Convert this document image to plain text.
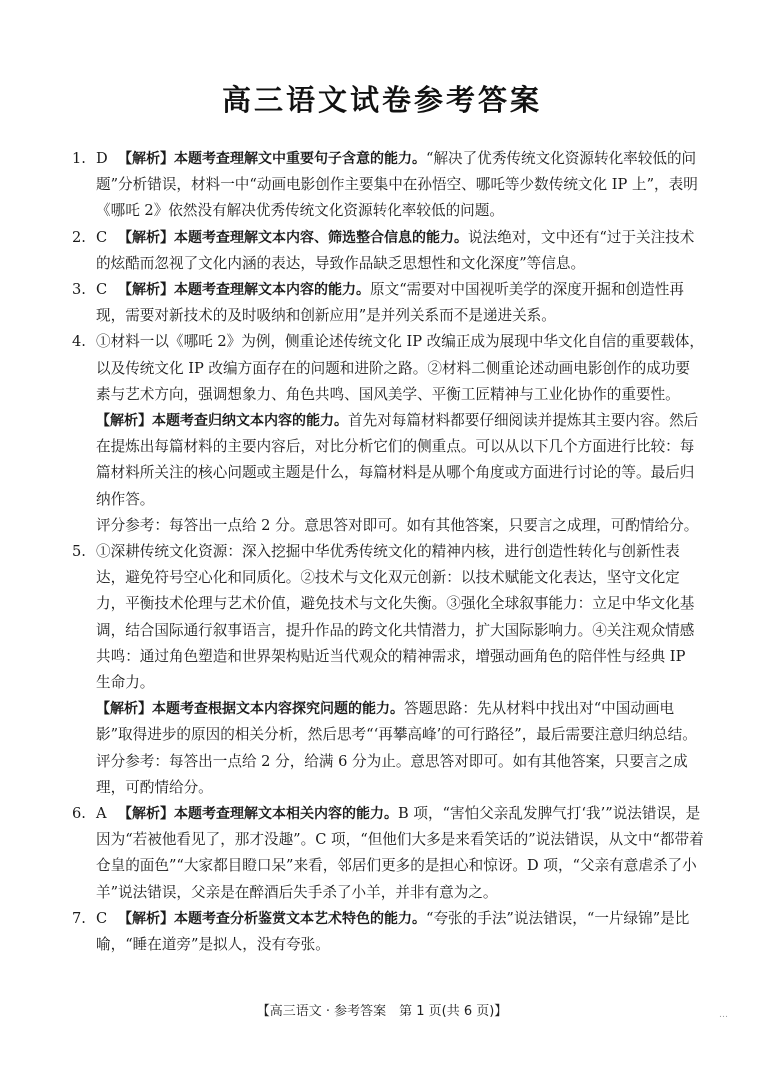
高三语文试卷参考答案
1. D 【解析】本题考查理解文中重要句子含意的能力。“解决了优秀传统文化资源转化率较低的问题”分析错误，材料一中“动画电影创作主要集中在孙悟空、哪吒等少数传统文化 IP 上”，表明《哪吒 2》依然没有解决优秀传统文化资源转化率较低的问题。
2. C 【解析】本题考查理解文本内容、筛选整合信息的能力。说法绝对，文中还有“过于关注技术的炫酷而忽视了文化内涵的表达，导致作品缺乏思想性和文化深度”等信息。
3. C 【解析】本题考查理解文本内容的能力。原文“需要对中国视听美学的深度开掘和创造性再现，需要对新技术的及时吸纳和创新应用”是并列关系而不是递进关系。
4. ①材料一以《哪吒 2》为例，侧重论述传统文化 IP 改编正成为展现中华文化自信的重要载体，以及传统文化 IP 改编方面存在的问题和进阶之路。②材料二侧重论述动画电影创作的成功要素与艺术方向，强调想象力、角色共鸣、国风美学、平衡工匠精神与工业化协作的重要性。
【解析】本题考查归纳文本内容的能力。首先对每篇材料都要仔细阅读并提炼其主要内容。然后在提炼出每篇材料的主要内容后，对比分析它们的侧重点。可以从以下几个方面进行比较：每篇材料所关注的核心问题或主题是什么，每篇材料是从哪个角度或方面进行讨论的等。最后归纳作答。
评分参考：每答出一点给 2 分。意思答对即可。如有其他答案，只要言之成理，可酌情给分。
5. ①深耕传统文化资源：深入挖掘中华优秀传统文化的精神内核，进行创造性转化与创新性表达，避免符号空心化和同质化。②技术与文化双元创新：以技术赋能文化表达，坚守文化定力，平衡技术伦理与艺术价值，避免技术与文化失衡。③强化全球叙事能力：立足中华文化基调，结合国际通行叙事语言，提升作品的跨文化共情潜力，扩大国际影响力。④关注观众情感共鸣：通过角色塑造和世界架构贴近当代观众的精神需求，增强动画角色的陪伴性与经典 IP 生命力。
【解析】本题考查根据文本内容探究问题的能力。答题思路：先从材料中找出对“中国动画电影”取得进步的原因的相关分析，然后思考“‘再攀高峰’的可行路径”，最后需要注意归纳总结。
评分参考：每答出一点给 2 分，给满 6 分为止。意思答对即可。如有其他答案，只要言之成理，可酌情给分。
6. A 【解析】本题考查理解文本相关内容的能力。B 项，“害怕父亲乱发脾气打‘我’”说法错误，是因为“若被他看见了，那才没趣”。C 项，“但他们大多是来看笑话的”说法错误，从文中“都带着仓皇的面色”“大家都目瞪口呆”来看，邻居们更多的是担心和惊讶。D 项，“父亲有意虐杀了小羊”说法错误，父亲是在醉酒后失手杀了小羊，并非有意为之。
7. C 【解析】本题考查分析鉴赏文本艺术特色的能力。“夸张的手法”说法错误，“一片绿锦”是比喻，“睡在道旁”是拟人，没有夸张。
【高三语文 · 参考答案　第 1 页(共 6 页)】	…
